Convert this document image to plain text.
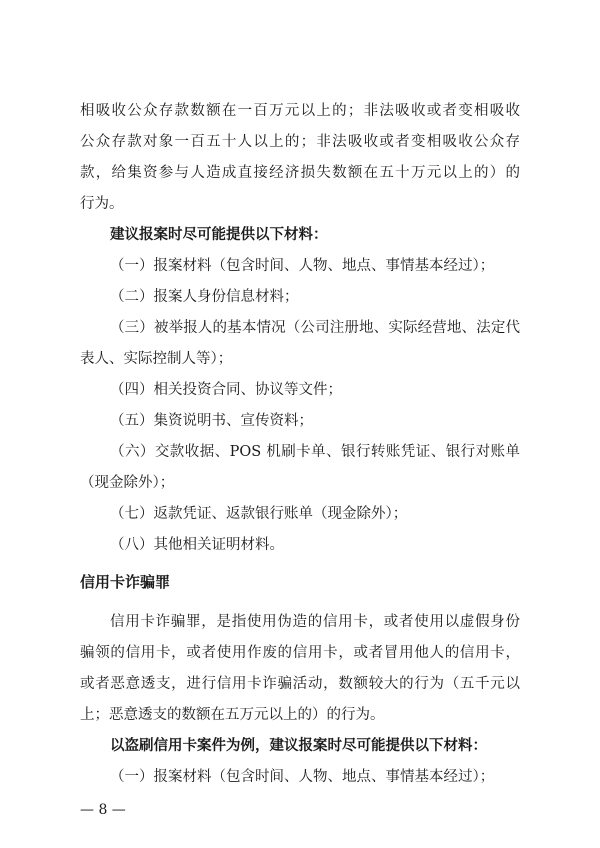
相吸收公众存款数额在一百万元以上的；非法吸收或者变相吸收
公众存款对象一百五十人以上的；非法吸收或者变相吸收公众存
款，给集资参与人造成直接经济损失数额在五十万元以上的）的
行为。
建议报案时尽可能提供以下材料：
（一）报案材料（包含时间、人物、地点、事情基本经过）；
（二）报案人身份信息材料；
（三）被举报人的基本情况（公司注册地、实际经营地、法定代
表人、实际控制人等）；
（四）相关投资合同、协议等文件；
（五）集资说明书、宣传资料；
（六）交款收据、POS 机刷卡单、银行转账凭证、银行对账单
（现金除外）；
（七）返款凭证、返款银行账单（现金除外）；
（八）其他相关证明材料。
信用卡诈骗罪
信用卡诈骗罪，是指使用伪造的信用卡，或者使用以虚假身份
骗领的信用卡，或者使用作废的信用卡，或者冒用他人的信用卡，
或者恶意透支，进行信用卡诈骗活动，数额较大的行为（五千元以
上；恶意透支的数额在五万元以上的）的行为。
以盗刷信用卡案件为例，建议报案时尽可能提供以下材料：
（一）报案材料（包含时间、人物、地点、事情基本经过）；
— 8 —
